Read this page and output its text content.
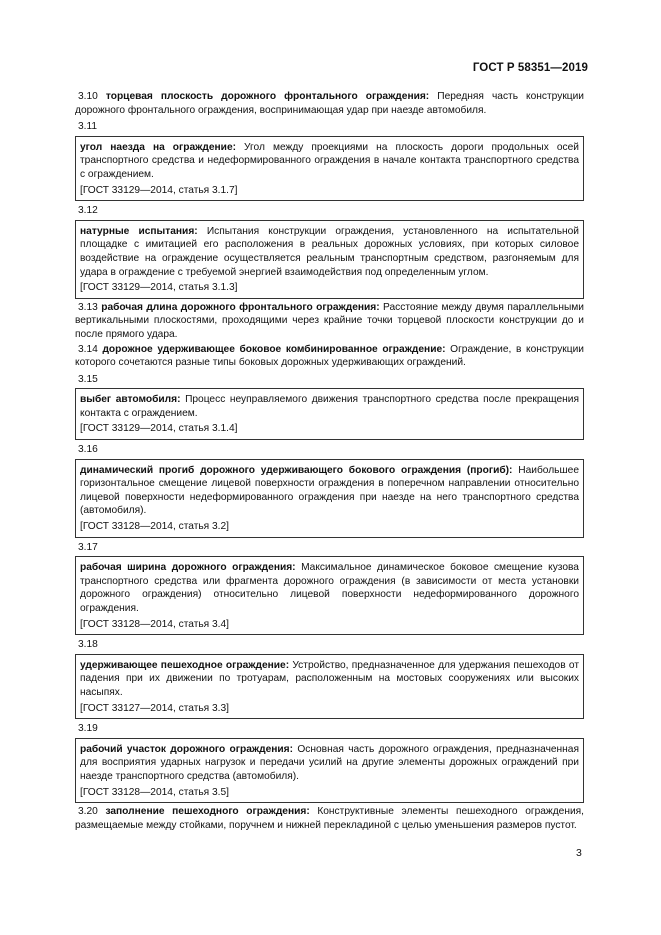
ГОСТ Р 58351—2019
3.10 торцевая плоскость дорожного фронтального ограждения: Передняя часть конструкции дорожного фронтального ограждения, воспринимающая удар при наезде автомобиля.
3.11
угол наезда на ограждение: Угол между проекциями на плоскость дороги продольных осей транспортного средства и недеформированного ограждения в начале контакта транспортного средства с ограждением.
[ГОСТ 33129—2014, статья 3.1.7]
3.12
натурные испытания: Испытания конструкции ограждения, установленного на испытательной площадке с имитацией его расположения в реальных дорожных условиях, при которых силовое воздействие на ограждение осуществляется реальным транспортным средством, разгоняемым для удара в ограждение с требуемой энергией взаимодействия под определенным углом.
[ГОСТ 33129—2014, статья 3.1.3]
3.13 рабочая длина дорожного фронтального ограждения: Расстояние между двумя параллельными вертикальными плоскостями, проходящими через крайние точки торцевой плоскости конструкции до и после прямого удара.
3.14 дорожное удерживающее боковое комбинированное ограждение: Ограждение, в конструкции которого сочетаются разные типы боковых дорожных удерживающих ограждений.
3.15
выбег автомобиля: Процесс неуправляемого движения транспортного средства после прекращения контакта с ограждением.
[ГОСТ 33129—2014, статья 3.1.4]
3.16
динамический прогиб дорожного удерживающего бокового ограждения (прогиб): Наибольшее горизонтальное смещение лицевой поверхности ограждения в поперечном направлении относительно лицевой поверхности недеформированного ограждения при наезде на него транспортного средства (автомобиля).
[ГОСТ 33128—2014, статья 3.2]
3.17
рабочая ширина дорожного ограждения: Максимальное динамическое боковое смещение кузова транспортного средства или фрагмента дорожного ограждения (в зависимости от места установки дорожного ограждения) относительно лицевой поверхности недеформированного дорожного ограждения.
[ГОСТ 33128—2014, статья 3.4]
3.18
удерживающее пешеходное ограждение: Устройство, предназначенное для удержания пешеходов от падения при их движении по тротуарам, расположенным на мостовых сооружениях или высоких насыпях.
[ГОСТ 33127—2014, статья 3.3]
3.19
рабочий участок дорожного ограждения: Основная часть дорожного ограждения, предназначенная для восприятия ударных нагрузок и передачи усилий на другие элементы дорожных ограждений при наезде транспортного средства (автомобиля).
[ГОСТ 33128—2014, статья 3.5]
3.20 заполнение пешеходного ограждения: Конструктивные элементы пешеходного ограждения, размещаемые между стойками, поручнем и нижней перекладиной с целью уменьшения размеров пустот.
3
